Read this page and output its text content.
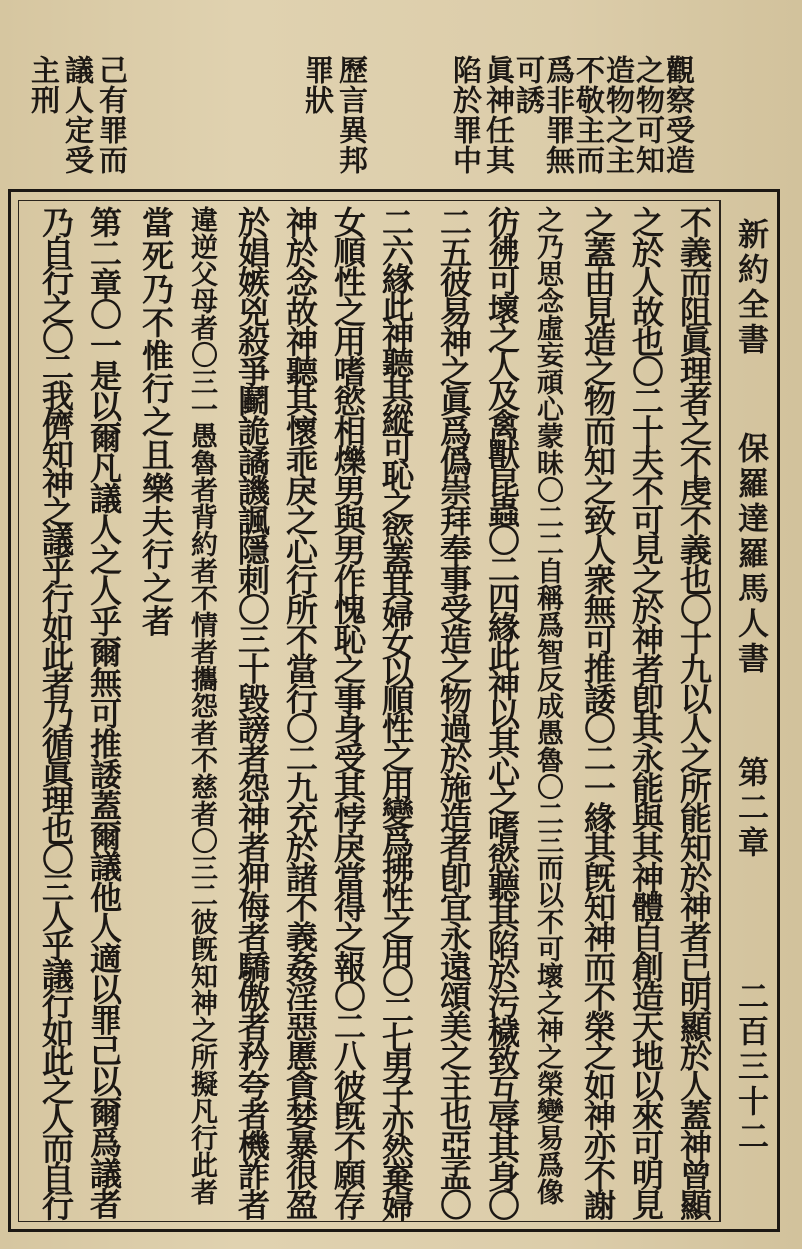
觀察受造
之物可知
造物之主
不敬主而
爲非罪無
可誘
眞神任其
陷於罪中
歷言異邦
罪狀
己有罪而
議人定受
主刑
新約全書
保羅達羅馬人書
第二章
二百三十二
不義而阻眞理者之不虔不義也〇十九以人之所能知於神者已明顯於人蓋神曾顯
之於人故也〇二十夫不可見之於神者卽其永能與其神體自創造天地以來可明見
之蓋由見造之物而知之致人衆無可推諉〇二一緣其旣知神而不榮之如神亦不謝
之乃思念虛妄頑心蒙昧〇二二自稱爲智反成愚魯〇二三而以不可壞之神之榮變易爲像
彷彿可壞之人及禽獸昆蟲〇二四緣此神以其心之嗜慾聽其陷於污穢致互辱其身〇
二五彼易神之眞爲僞崇拜奉事受造之物過於施造者卽宜永遠頌美之主也亞孟〇
二六緣此神聽其縱可恥之慾蓋其婦女以順性之用變爲拂性之用〇二七男子亦然棄婦
女順性之用嗜慾相爍男與男作愧恥之事身受其悖戾當得之報〇二八彼旣不願存
神於念故神聽其懷乖戾之心行所不當行〇二九充於諸不義姦淫惡慝貪婪暴很盈
於娼嫉兇殺爭鬬詭譎譏諷隱刺〇三十毀謗者怨神者狎侮者驕傲者矜夸者機詐者
違逆父母者〇三一愚魯者背約者不情者攜怨者不慈者〇三二彼旣知神之所擬凡行此者
當死乃不惟行之且樂夫行之者
第二章〇一是以爾凡議人之人乎爾無可推諉蓋爾議他人適以罪己以爾爲議者
乃自行之〇二我儕知神之議乎行如此者乃循眞理也〇三人乎議行如此之人而自行
